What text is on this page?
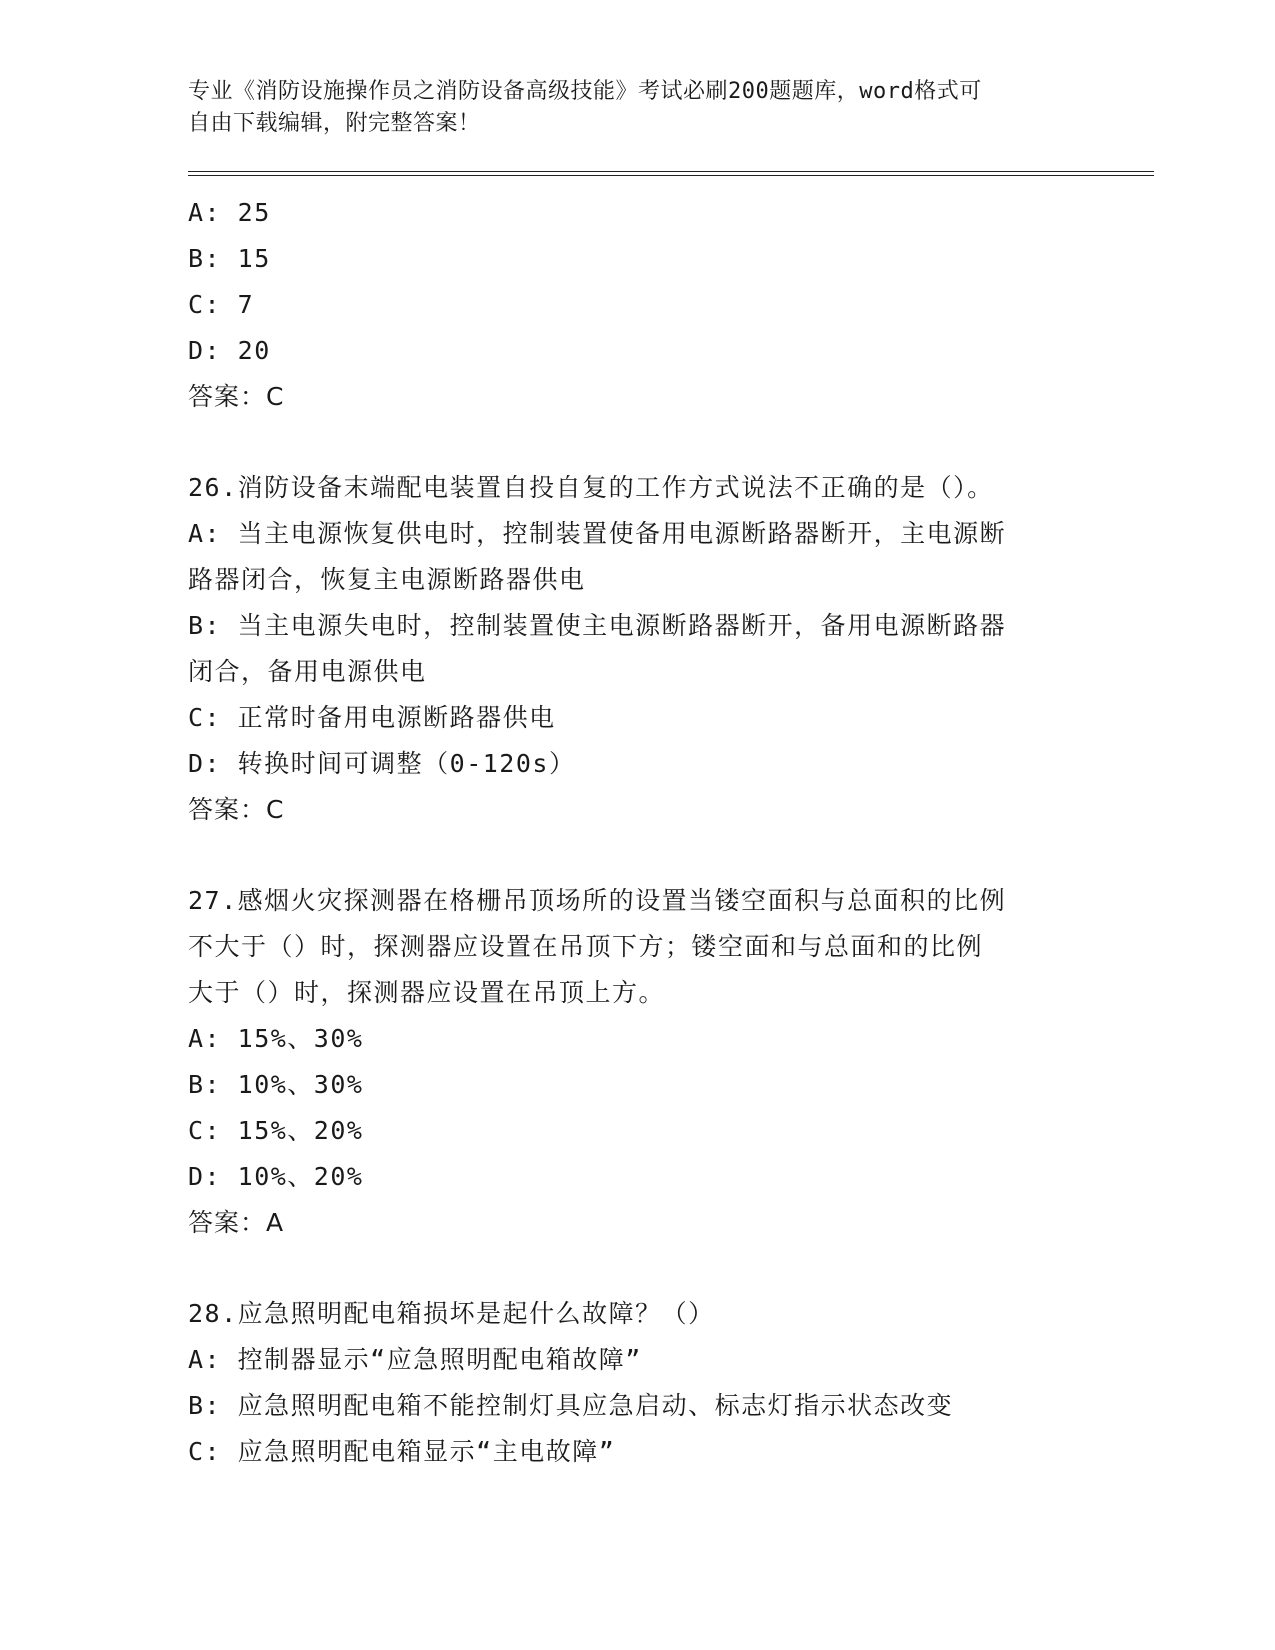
专业《消防设施操作员之消防设备高级技能》考试必刷200题题库，word格式可
自由下载编辑，附完整答案！
A: 25
B: 15
C: 7
D: 20
答案：C
26.消防设备末端配电装置自投自复的工作方式说法不正确的是（）。
A: 当主电源恢复供电时，控制装置使备用电源断路器断开，主电源断
路器闭合，恢复主电源断路器供电
B: 当主电源失电时，控制装置使主电源断路器断开，备用电源断路器
闭合，备用电源供电
C: 正常时备用电源断路器供电
D: 转换时间可调整（0-120s）
答案：C
27.感烟火灾探测器在格栅吊顶场所的设置当镂空面积与总面积的比例
不大于（）时，探测器应设置在吊顶下方；镂空面和与总面和的比例
大于（）时，探测器应设置在吊顶上方。
A: 15%、30%
B: 10%、30%
C: 15%、20%
D: 10%、20%
答案：A
28.应急照明配电箱损坏是起什么故障？（）
A: 控制器显示“应急照明配电箱故障”
B: 应急照明配电箱不能控制灯具应急启动、标志灯指示状态改变
C: 应急照明配电箱显示“主电故障”
